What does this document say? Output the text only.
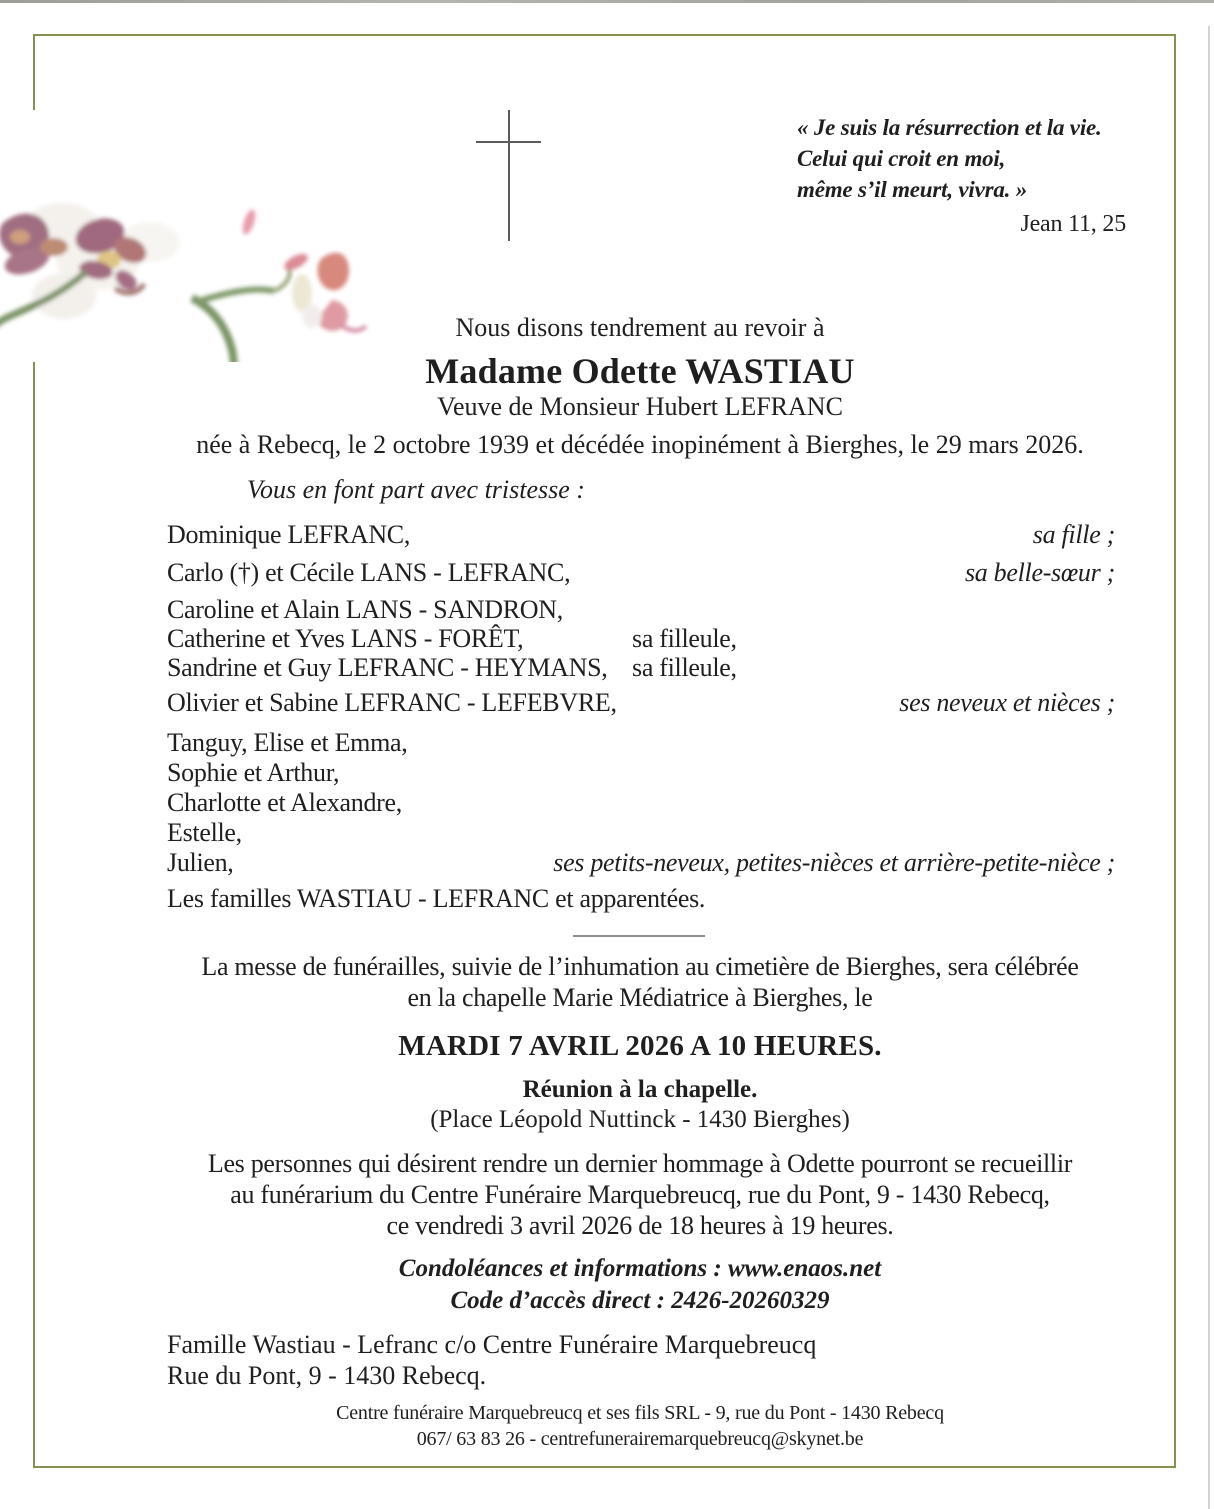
« Je suis la résurrection et la vie.
Celui qui croit en moi,
même s’il meurt, vivra. »
Jean 11, 25
Nous disons tendrement au revoir à
Madame Odette WASTIAU
Veuve de Monsieur Hubert LEFRANC
née à Rebecq, le 2 octobre 1939 et décédée inopinément à Bierghes, le 29 mars 2026.
Vous en font part avec tristesse :
Dominique LEFRANC,	sa fille ;
Carlo (†) et Cécile LANS - LEFRANC,	sa belle-sœur ;
Caroline et Alain LANS - SANDRON,
Catherine et Yves LANS - FORÊT,	sa filleule,
Sandrine et Guy LEFRANC - HEYMANS, sa filleule,
Olivier et Sabine LEFRANC - LEFEBVRE,	ses neveux et nièces ;
Tanguy, Elise et Emma,
Sophie et Arthur,
Charlotte et Alexandre,
Estelle,
Julien,	ses petits-neveux, petites-nièces et arrière-petite-nièce ;
Les familles WASTIAU - LEFRANC et apparentées.
La messe de funérailles, suivie de l’inhumation au cimetière de Bierghes, sera célébrée
en la chapelle Marie Médiatrice à Bierghes, le
MARDI 7 AVRIL 2026 A 10 HEURES.
Réunion à la chapelle.
(Place Léopold Nuttinck - 1430 Bierghes)
Les personnes qui désirent rendre un dernier hommage à Odette pourront se recueillir
au funérarium du Centre Funéraire Marquebreucq, rue du Pont, 9 - 1430 Rebecq,
ce vendredi 3 avril 2026 de 18 heures à 19 heures.
Condoléances et informations : www.enaos.net
Code d’accès direct : 2426-20260329
Famille Wastiau - Lefranc c/o Centre Funéraire Marquebreucq
Rue du Pont, 9 - 1430 Rebecq.
Centre funéraire Marquebreucq et ses fils SRL - 9, rue du Pont - 1430 Rebecq
067/ 63 83 26 - centrefunerairemarquebreucq@skynet.be
